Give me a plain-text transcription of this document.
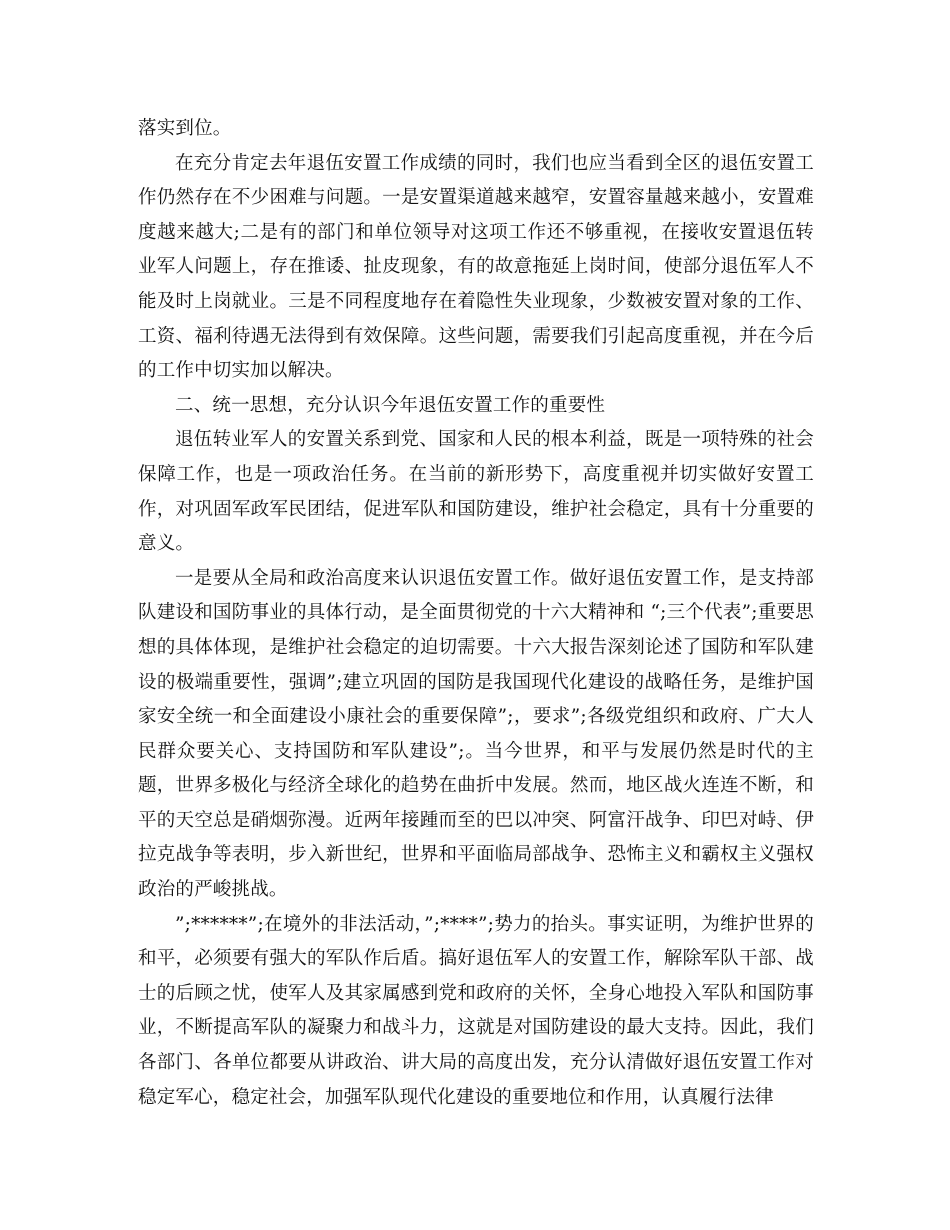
落实到位。

在充分肯定去年退伍安置工作成绩的同时，我们也应当看到全区的退伍安置工作仍然存在不少困难与问题。一是安置渠道越来越窄，安置容量越来越小，安置难度越来越大;二是有的部门和单位领导对这项工作还不够重视，在接收安置退伍转业军人问题上，存在推诿、扯皮现象，有的故意拖延上岗时间，使部分退伍军人不能及时上岗就业。三是不同程度地存在着隐性失业现象，少数被安置对象的工作、工资、福利待遇无法得到有效保障。这些问题，需要我们引起高度重视，并在今后的工作中切实加以解决。

二、统一思想，充分认识今年退伍安置工作的重要性

退伍转业军人的安置关系到党、国家和人民的根本利益，既是一项特殊的社会保障工作，也是一项政治任务。在当前的新形势下，高度重视并切实做好安置工作，对巩固军政军民团结，促进军队和国防建设，维护社会稳定，具有十分重要的意义。

一是要从全局和政治高度来认识退伍安置工作。做好退伍安置工作，是支持部队建设和国防事业的具体行动，是全面贯彻党的十六大精神和 “;三个代表”;重要思想的具体体现，是维护社会稳定的迫切需要。十六大报告深刻论述了国防和军队建设的极端重要性，强调”;建立巩固的国防是我国现代化建设的战略任务，是维护国家安全统一和全面建设小康社会的重要保障”;，要求”;各级党组织和政府、广大人民群众要关心、支持国防和军队建设”;。当今世界，和平与发展仍然是时代的主题，世界多极化与经济全球化的趋势在曲折中发展。然而，地区战火连连不断，和平的天空总是硝烟弥漫。近两年接踵而至的巴以冲突、阿富汗战争、印巴对峙、伊拉克战争等表明，步入新世纪，世界和平面临局部战争、恐怖主义和霸权主义强权政治的严峻挑战。

”;******”;在境外的非法活动，”;****”;势力的抬头。事实证明，为维护世界的和平，必须要有强大的军队作后盾。搞好退伍军人的安置工作，解除军队干部、战士的后顾之忧，使军人及其家属感到党和政府的关怀，全身心地投入军队和国防事业，不断提高军队的凝聚力和战斗力，这就是对国防建设的最大支持。因此，我们各部门、各单位都要从讲政治、讲大局的高度出发，充分认清做好退伍安置工作对稳定军心，稳定社会，加强军队现代化建设的重要地位和作用，认真履行法律
